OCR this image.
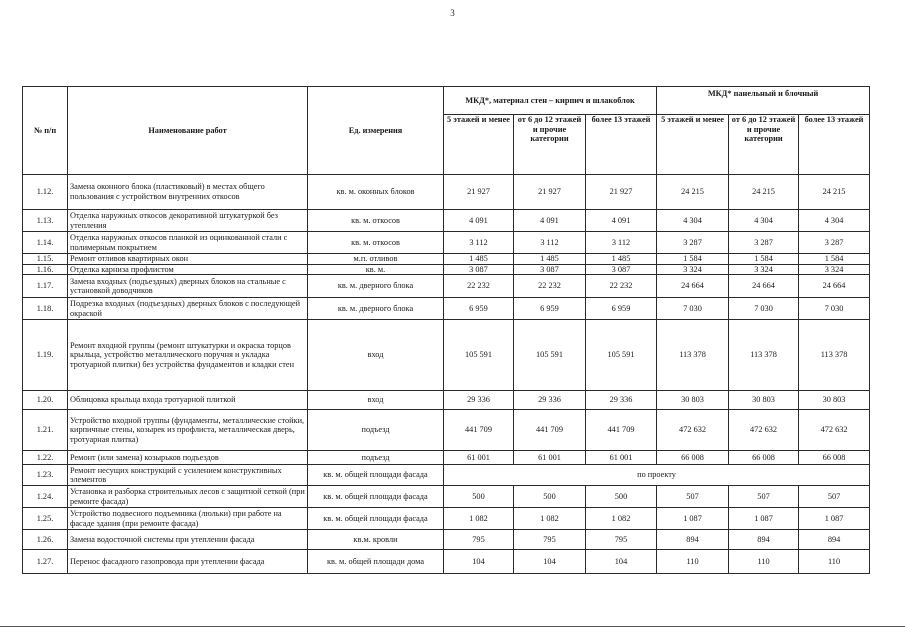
3
№ п/п	Наименование работ	Ед. измерения	МКД*, материал стен – кирпич и шлакоблок			МКД* панельный и блочный		
			5 этажей и менее	от 6 до 12 этажей и прочие категории	более 13 этажей	5 этажей и менее	от 6 до 12 этажей и прочие категории	более 13 этажей
1.12.	Замена оконного блока (пластиковый) в местах общего пользования с устройством внутренних откосов	кв. м. оконных блоков	21 927	21 927	21 927	24 215	24 215	24 215
1.13.	Отделка наружных откосов декоративной штукатуркой без утепления	кв. м. откосов	4 091	4 091	4 091	4 304	4 304	4 304
1.14.	Отделка наружных откосов планкой из оцинкованной стали с полимерным покрытием	кв. м. откосов	3 112	3 112	3 112	3 287	3 287	3 287
1.15.	Ремонт отливов квартирных окон	м.п. отливов	1 485	1 485	1 485	1 584	1 584	1 584
1.16.	Отделка карниза профлистом	кв. м.	3 087	3 087	3 087	3 324	3 324	3 324
1.17.	Замена входных (подъездных) дверных блоков на стальные с установкой доводчиков	кв. м. дверного блока	22 232	22 232	22 232	24 664	24 664	24 664
1.18.	Подрезка входных (подъездных) дверных блоков с последующей окраской	кв. м. дверного блока	6 959	6 959	6 959	7 030	7 030	7 030
1.19.	Ремонт входной группы (ремонт штукатурки и окраска торцов крыльца, устройство металлического поручня и укладка тротуарной плитки) без устройства фундаментов и кладки стен	вход	105 591	105 591	105 591	113 378	113 378	113 378
1.20.	Облицовка крыльца входа тротуарной плиткой	вход	29 336	29 336	29 336	30 803	30 803	30 803
1.21.	Устройство входной группы (фундаменты, металлические стойки, кирпичные стены, козырек из профлиста, металлическая дверь, тротуарная плитка)	подъезд	441 709	441 709	441 709	472 632	472 632	472 632
1.22.	Ремонт (или замена) козырьков подъездов	подъезд	61 001	61 001	61 001	66 008	66 008	66 008
1.23.	Ремонт несущих конструкций с усилением конструктивных элементов	кв. м. общей площади фасада	по проекту					
1.24.	Установка и разборка строительных лесов с защитной сеткой (при ремонте фасада)	кв. м. общей площади фасада	500	500	500	507	507	507
1.25.	Устройство подвесного подъемника (люльки) при работе на фасаде здания (при ремонте фасада)	кв. м. общей площади фасада	1 082	1 082	1 082	1 087	1 087	1 087
1.26.	Замена водосточной системы при утеплении фасада	кв.м. кровли	795	795	795	894	894	894
1.27.	Перенос фасадного газопровода при утеплении фасада	кв. м. общей площади дома	104	104	104	110	110	110
